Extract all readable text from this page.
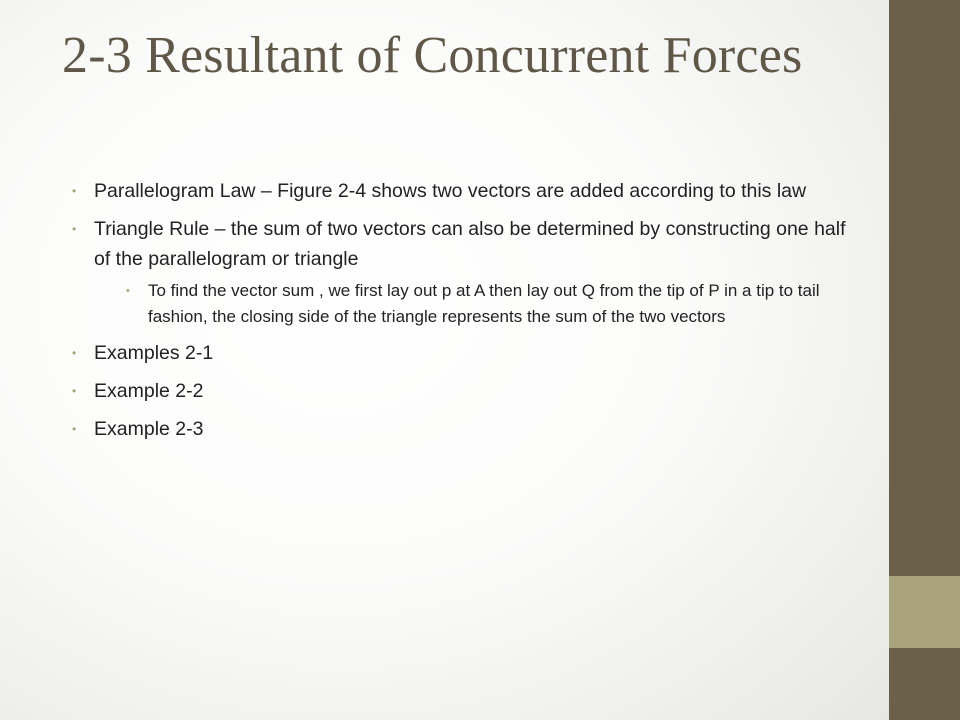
2-3 Resultant of Concurrent Forces
• Parallelogram Law – Figure 2-4 shows two vectors are added according to this law
• Triangle Rule – the sum of two vectors can also be determined by constructing one half of the parallelogram or triangle
• To find the vector sum , we first lay out p at A then lay out Q from the tip of P in a tip to tail fashion, the closing side of the triangle represents the sum of the two vectors
• Examples 2-1
• Example 2-2
• Example 2-3
